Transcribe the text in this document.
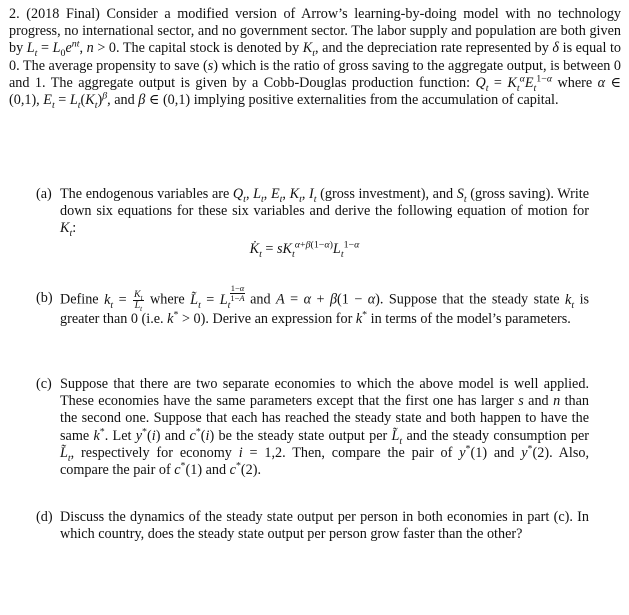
2. (2018 Final) Consider a modified version of Arrow’s learning-by-doing model with no technology progress, no international sector, and no government sector. The labor supply and population are both given by $L_t = L_0e^{nt}$, n > 0. The capital stock is denoted by $K_t$, and the depreciation rate represented by δ is equal to 0. The average propensity to save (s) which is the ratio of gross saving to the aggregate output, is between 0 and 1. The aggregate output is given by a Cobb-Douglas production function: $Q_t = K_t^\alpha E_t^{1-\alpha}$ where α ∈ (0,1), $E_t = L_t(K_t)^\beta$, and β ∈ (0,1) implying positive externalities from the accumulation of capital.
(a) The endogenous variables are $Q_t$, $L_t$, $E_t$, $K_t$, $I_t$ (gross investment), and $S_t$ (gross saving). Write down six equations for these six variables and derive the following equation of motion for $K_t$:
$K̇_t = sK_t^{\alpha+\beta(1-\alpha)}L_t^{1-\alpha}$
(b) Define $k_t = \frac{K_t}{L̃_t}$ where $L̃_t = L_t$
$\frac{1-\alpha}{1-A}$ and A = α + β(1 − α). Suppose that the steady state $k_t$ is greater than 0 (i.e. k* > 0). Derive an expression for k* in terms of the model’s parameters.
(c) Suppose that there are two separate economies to which the above model is well applied. These economies have the same parameters except that the first one has larger s and n than the second one. Suppose that each has reached the steady state and both happen to have the same k*. Let y*(i) and c*(i) be the steady state output per $L̃_t$ and the steady consumption per $L̃_t$, respectively for economy i = 1,2. Then, compare the pair of y*(1) and y*(2). Also, compare the pair of c*(1) and c*(2).
(d) Discuss the dynamics of the steady state output per person in both economies in part (c). In which country, does the steady state output per person grow faster than the other?
